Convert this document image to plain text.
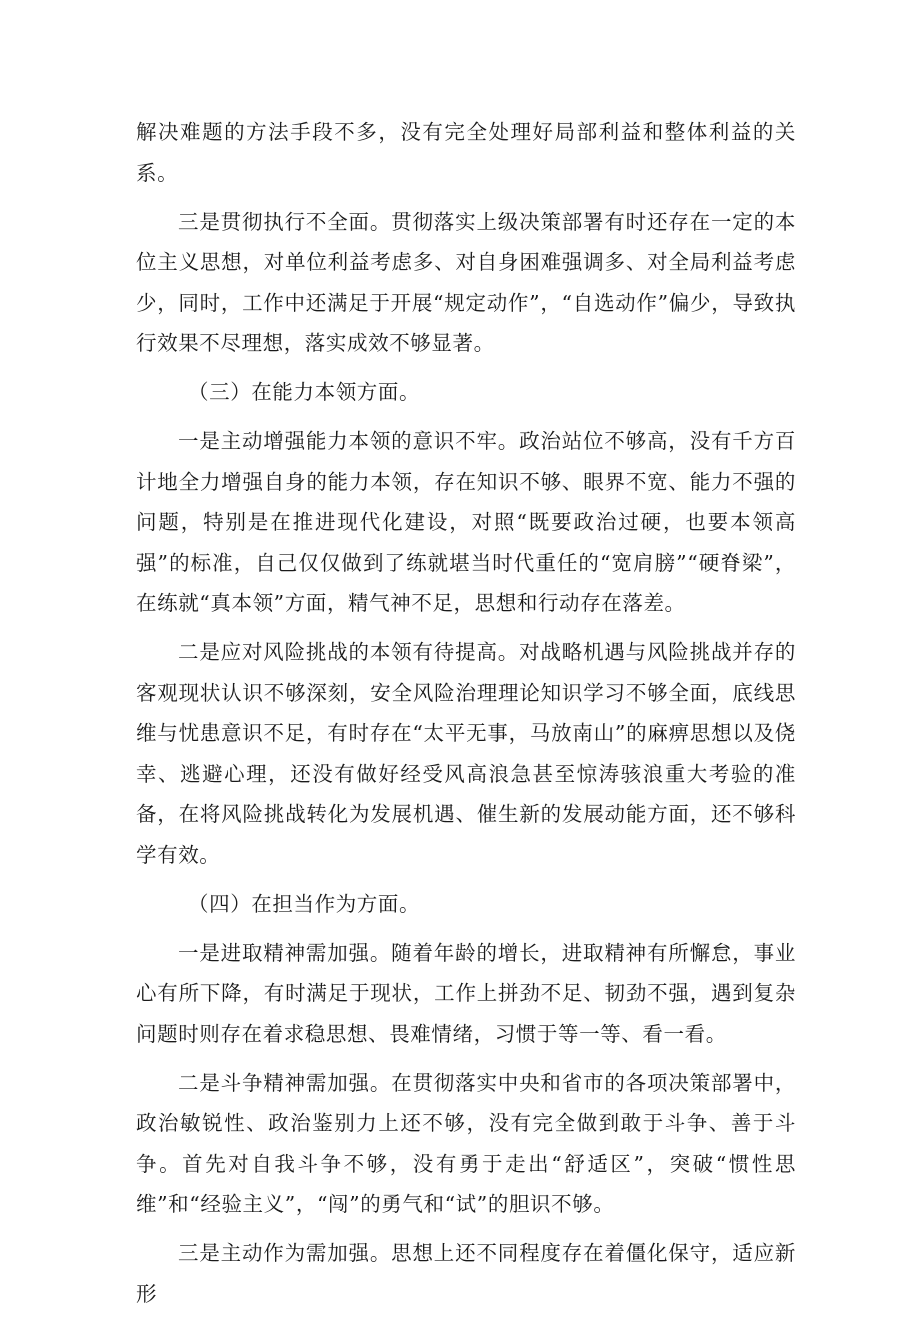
解决难题的方法手段不多，没有完全处理好局部利益和整体利益的关系。

三是贯彻执行不全面。贯彻落实上级决策部署有时还存在一定的本位主义思想，对单位利益考虑多、对自身困难强调多、对全局利益考虑少，同时，工作中还满足于开展“规定动作”，“自选动作”偏少，导致执行效果不尽理想，落实成效不够显著。

（三）在能力本领方面。

一是主动增强能力本领的意识不牢。政治站位不够高，没有千方百计地全力增强自身的能力本领，存在知识不够、眼界不宽、能力不强的问题，特别是在推进现代化建设，对照“既要政治过硬，也要本领高强”的标准，自己仅仅做到了练就堪当时代重任的“宽肩膀”“硬脊梁”，在练就“真本领”方面，精气神不足，思想和行动存在落差。

二是应对风险挑战的本领有待提高。对战略机遇与风险挑战并存的客观现状认识不够深刻，安全风险治理理论知识学习不够全面，底线思维与忧患意识不足，有时存在“太平无事，马放南山”的麻痹思想以及侥幸、逃避心理，还没有做好经受风高浪急甚至惊涛骇浪重大考验的准备，在将风险挑战转化为发展机遇、催生新的发展动能方面，还不够科学有效。

（四）在担当作为方面。

一是进取精神需加强。随着年龄的增长，进取精神有所懈怠，事业心有所下降，有时满足于现状，工作上拼劲不足、韧劲不强，遇到复杂问题时则存在着求稳思想、畏难情绪，习惯于等一等、看一看。

二是斗争精神需加强。在贯彻落实中央和省市的各项决策部署中，政治敏锐性、政治鉴别力上还不够，没有完全做到敢于斗争、善于斗争。首先对自我斗争不够，没有勇于走出“舒适区”，突破“惯性思维”和“经验主义”，“闯”的勇气和“试”的胆识不够。

三是主动作为需加强。思想上还不同程度存在着僵化保守，适应新形
